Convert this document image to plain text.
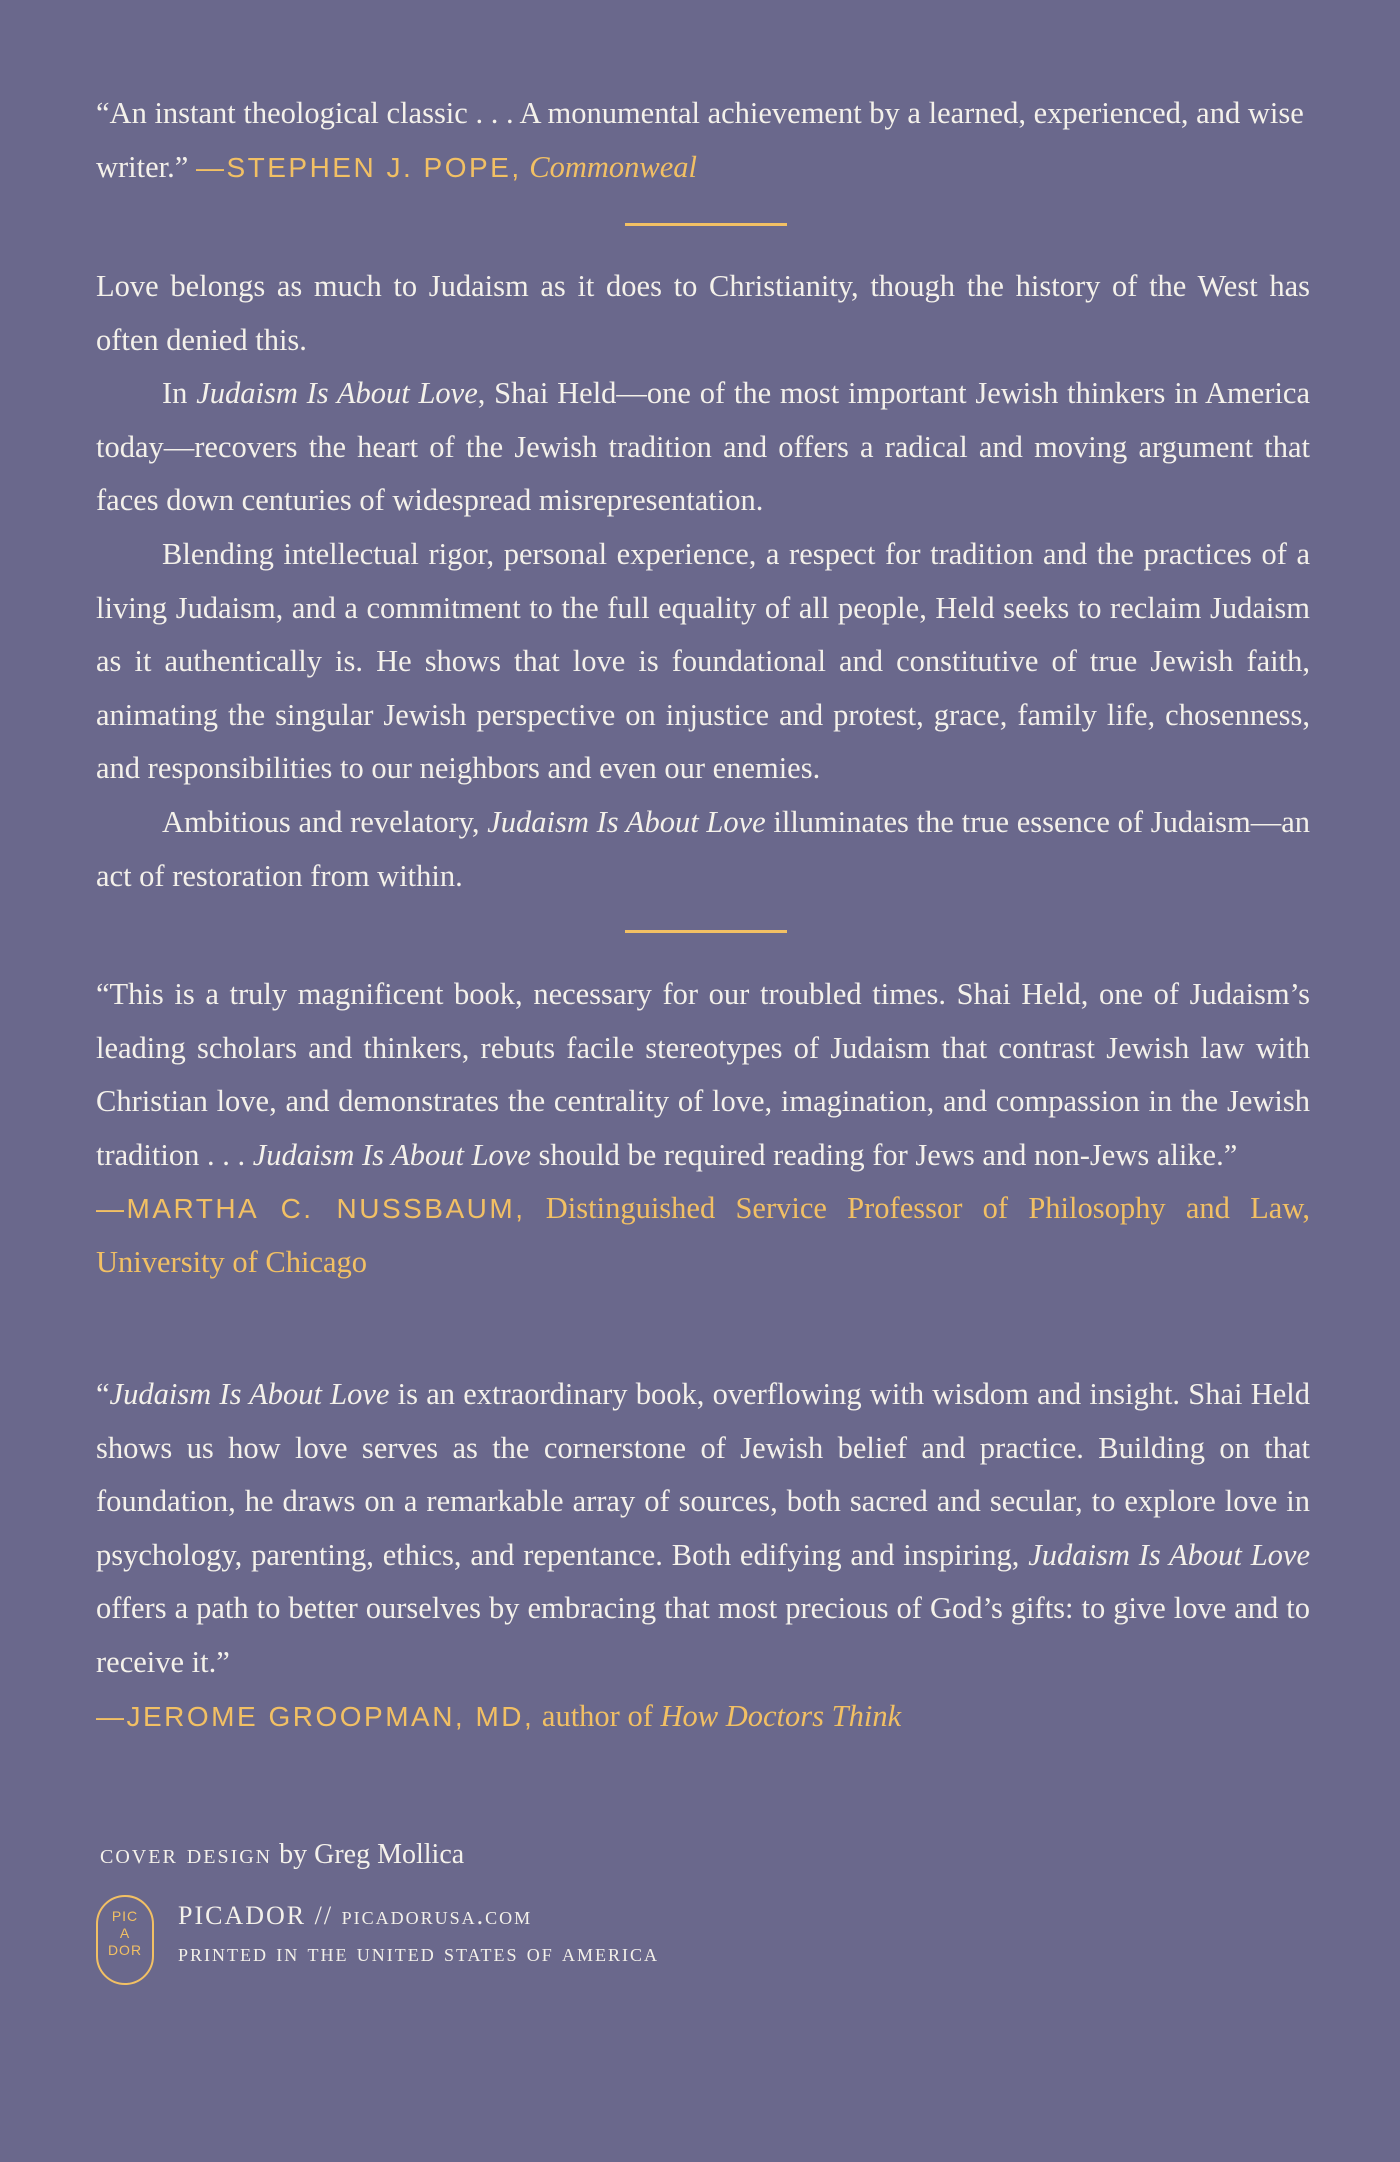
“An instant theological classic . . . A monumental achievement by a learned, experienced, and wise writer.” —STEPHEN J. POPE, Commonweal

Love belongs as much to Judaism as it does to Christianity, though the history of the West has often denied this.

In Judaism Is About Love, Shai Held—one of the most important Jewish thinkers in America today—recovers the heart of the Jewish tradition and offers a radical and moving argument that faces down centuries of widespread misrepresentation.

Blending intellectual rigor, personal experience, a respect for tradition and the practices of a living Judaism, and a commitment to the full equality of all people, Held seeks to reclaim Judaism as it authentically is. He shows that love is foundational and constitutive of true Jewish faith, animating the singular Jewish perspective on injustice and protest, grace, family life, chosenness, and responsibilities to our neighbors and even our enemies.

Ambitious and revelatory, Judaism Is About Love illuminates the true essence of Judaism—an act of restoration from within.

“This is a truly magnificent book, necessary for our troubled times. Shai Held, one of Judaism’s leading scholars and thinkers, rebuts facile stereotypes of Judaism that contrast Jewish law with Christian love, and demonstrates the centrality of love, imagination, and compassion in the Jewish tradition . . . Judaism Is About Love should be required reading for Jews and non-Jews alike.”

—MARTHA C. NUSSBAUM, Distinguished Service Professor of Philosophy and Law, University of Chicago

“Judaism Is About Love is an extraordinary book, overflowing with wisdom and insight. Shai Held shows us how love serves as the cornerstone of Jewish belief and practice. Building on that foundation, he draws on a remarkable array of sources, both sacred and secular, to explore love in psychology, parenting, ethics, and repentance. Both edifying and inspiring, Judaism Is About Love offers a path to better ourselves by embracing that most precious of God’s gifts: to give love and to receive it.”

—JEROME GROOPMAN, MD, author of How Doctors Think

cover design by Greg Mollica
PIC
A
DOR
PICADOR // picadorusa.com
printed in the united states of america
